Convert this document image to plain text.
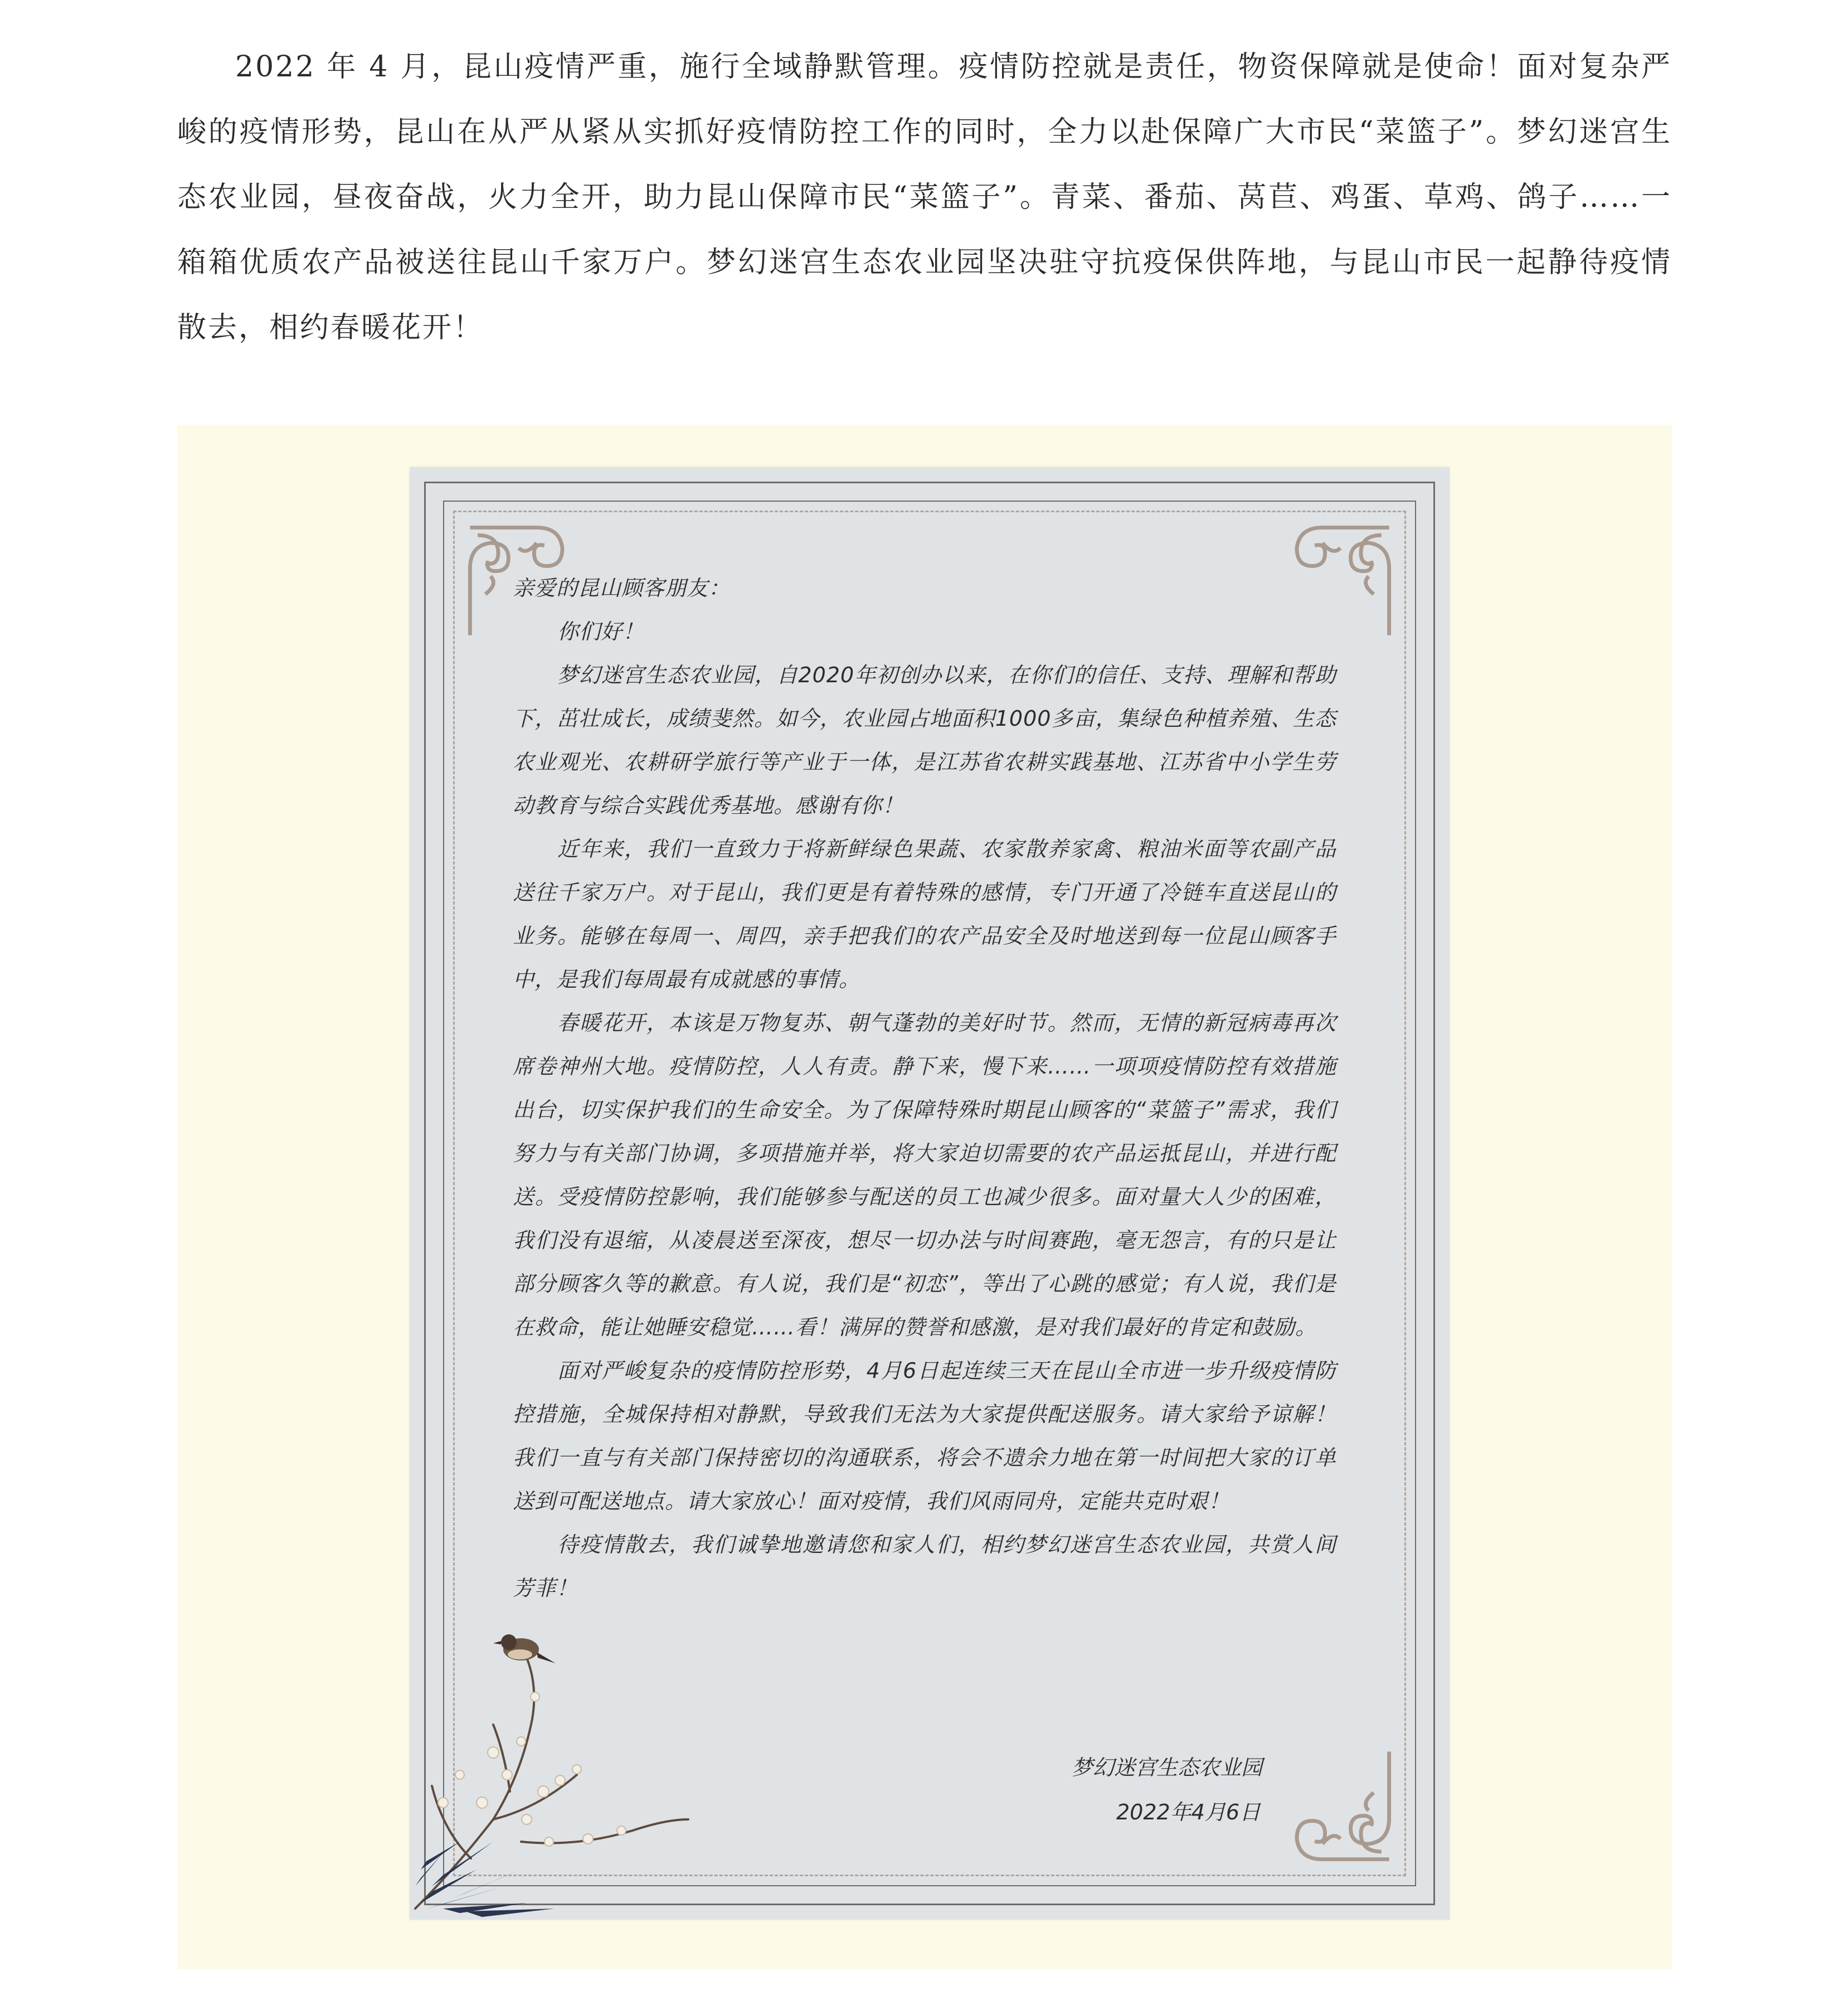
2022 年 4 月，昆山疫情严重，施行全域静默管理。疫情防控就是责任，物资保障就是使命！面对复杂严峻的疫情形势，昆山在从严从紧从实抓好疫情防控工作的同时，全力以赴保障广大市民“菜篮子”。梦幻迷宫生态农业园，昼夜奋战，火力全开，助力昆山保障市民“菜篮子”。青菜、番茄、莴苣、鸡蛋、草鸡、鸽子……一箱箱优质农产品被送往昆山千家万户。梦幻迷宫生态农业园坚决驻守抗疫保供阵地，与昆山市民一起静待疫情散去，相约春暖花开！

亲爱的昆山顾客朋友：

你们好！

梦幻迷宫生态农业园，自2020年初创办以来，在你们的信任、支持、理解和帮助下，茁壮成长，成绩斐然。如今，农业园占地面积1000多亩，集绿色种植养殖、生态农业观光、农耕研学旅行等产业于一体，是江苏省农耕实践基地、江苏省中小学生劳动教育与综合实践优秀基地。感谢有你！

近年来，我们一直致力于将新鲜绿色果蔬、农家散养家禽、粮油米面等农副产品送往千家万户。对于昆山，我们更是有着特殊的感情，专门开通了冷链车直送昆山的业务。能够在每周一、周四，亲手把我们的农产品安全及时地送到每一位昆山顾客手中，是我们每周最有成就感的事情。

春暖花开，本该是万物复苏、朝气蓬勃的美好时节。然而，无情的新冠病毒再次席卷神州大地。疫情防控，人人有责。静下来，慢下来……一项项疫情防控有效措施出台，切实保护我们的生命安全。为了保障特殊时期昆山顾客的“菜篮子”需求，我们努力与有关部门协调，多项措施并举，将大家迫切需要的农产品运抵昆山，并进行配送。受疫情防控影响，我们能够参与配送的员工也减少很多。面对量大人少的困难，我们没有退缩，从凌晨送至深夜，想尽一切办法与时间赛跑，毫无怨言，有的只是让部分顾客久等的歉意。有人说，我们是“初恋”，等出了心跳的感觉；有人说，我们是在救命，能让她睡安稳觉……看！满屏的赞誉和感激，是对我们最好的肯定和鼓励。

面对严峻复杂的疫情防控形势，4月6日起连续三天在昆山全市进一步升级疫情防控措施，全城保持相对静默，导致我们无法为大家提供配送服务。请大家给予谅解！我们一直与有关部门保持密切的沟通联系，将会不遗余力地在第一时间把大家的订单送到可配送地点。请大家放心！面对疫情，我们风雨同舟，定能共克时艰！

待疫情散去，我们诚挚地邀请您和家人们，相约梦幻迷宫生态农业园，共赏人间芳菲！

梦幻迷宫生态农业园
2022年4月6日
